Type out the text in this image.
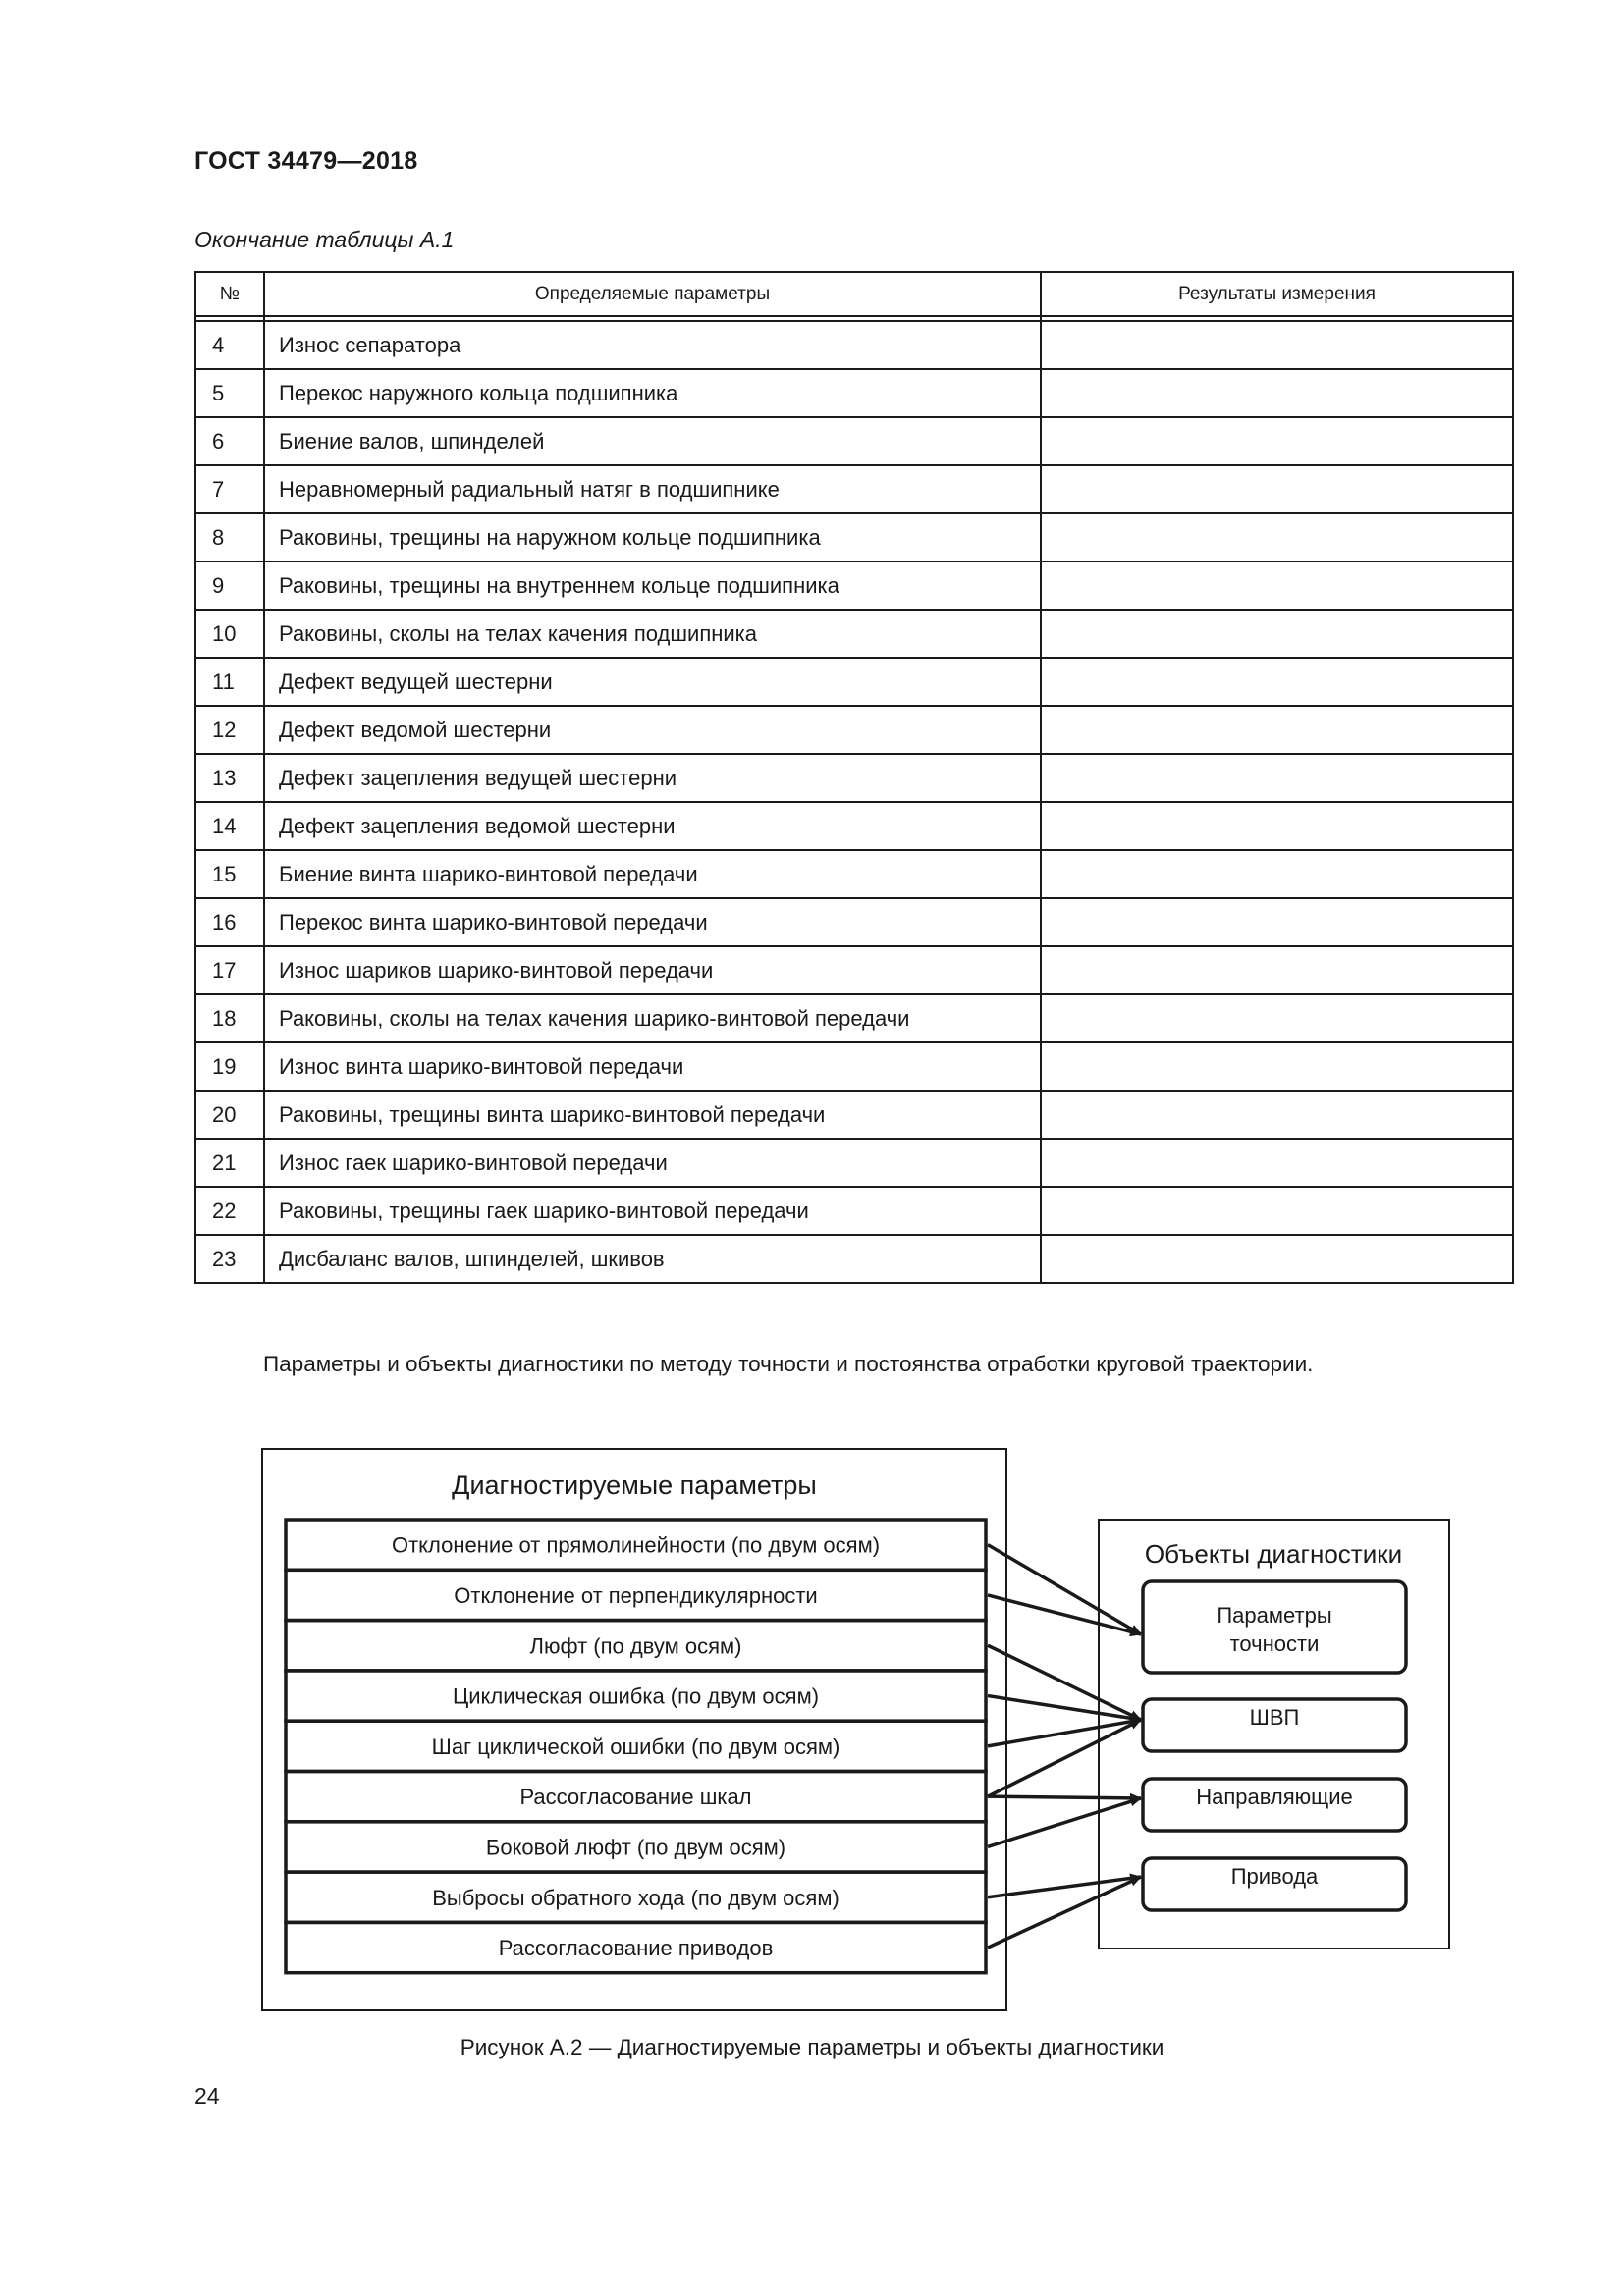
ГОСТ 34479—2018
Окончание таблицы А.1
№	Определяемые параметры	Результаты измерения

4	Износ сепаратора	
5	Перекос наружного кольца подшипника	
6	Биение валов, шпинделей	
7	Неравномерный радиальный натяг в подшипнике	
8	Раковины, трещины на наружном кольце подшипника	
9	Раковины, трещины на внутреннем кольце подшипника	
10	Раковины, сколы на телах качения подшипника	
11	Дефект ведущей шестерни	
12	Дефект ведомой шестерни	
13	Дефект зацепления ведущей шестерни	
14	Дефект зацепления ведомой шестерни	
15	Биение винта шарико-винтовой передачи	
16	Перекос винта шарико-винтовой передачи	
17	Износ шариков шарико-винтовой передачи	
18	Раковины, сколы на телах качения шарико-винтовой передачи	
19	Износ винта шарико-винтовой передачи	
20	Раковины, трещины винта шарико-винтовой передачи	
21	Износ гаек шарико-винтовой передачи	
22	Раковины, трещины гаек шарико-винтовой передачи	
23	Дисбаланс валов, шпинделей, шкивов	
Параметры и объекты диагностики по методу точности и постоянства отработки круговой траектории.
Диагностируемые параметры
Отклонение от прямолинейности (по двум осям)
Отклонение от перпендикулярности
Люфт (по двум осям)
Циклическая ошибка (по двум осям)
Шаг циклической ошибки (по двум осям)
Рассогласование шкал
Боковой люфт (по двум осям)
Выбросы обратного хода (по двум осям)
Рассогласование приводов
Объекты диагностики
Параметры
точности
ШВП
Направляющие
Привода
Рисунок А.2 — Диагностируемые параметры и объекты диагностики
24
